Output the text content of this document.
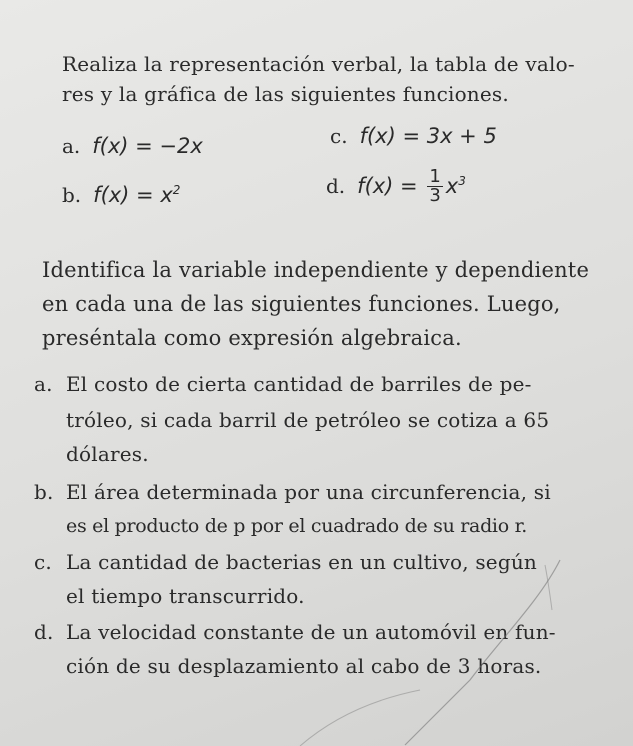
Realiza la representación verbal, la tabla de valo-
res y la gráfica de las siguientes funciones.
a. f(x) = −2x	c. f(x) = 3x + 5
b. $f(x) = x^2$	d. $f(x) = \frac{1}{3} x^3$
Identifica la variable independiente y dependiente
en cada una de las siguientes funciones. Luego,
preséntala como expresión algebraica.
a. El costo de cierta cantidad de barriles de pe-
tróleo, si cada barril de petróleo se cotiza a 65
dólares.
b. El área determinada por una circunferencia, si
es el producto de p por el cuadrado de su radio r.
c. La cantidad de bacterias en un cultivo, según
el tiempo transcurrido.
d. La velocidad constante de un automóvil en fun-
ción de su desplazamiento al cabo de 3 horas.
